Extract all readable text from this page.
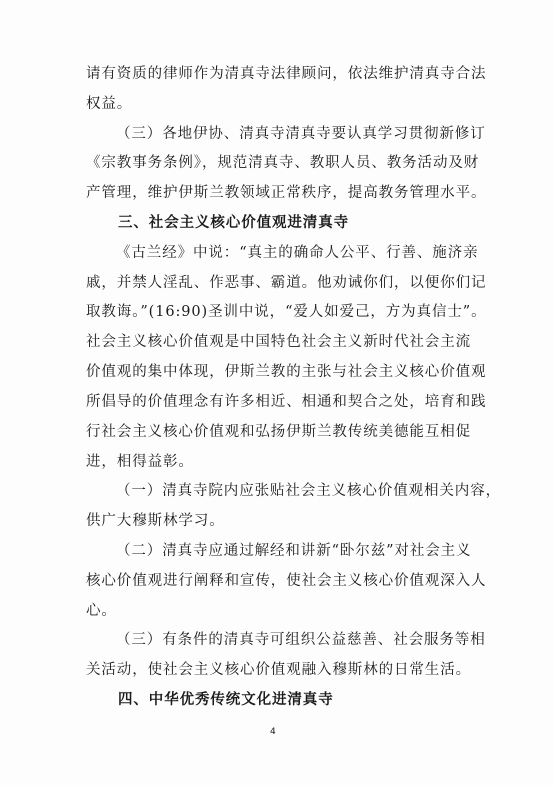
请有资质的律师作为清真寺法律顾问，依法维护清真寺合法
权益。
（三）各地伊协、清真寺清真寺要认真学习贯彻新修订
《宗教事务条例》，规范清真寺、教职人员、教务活动及财
产管理，维护伊斯兰教领域正常秩序，提高教务管理水平。
三、社会主义核心价值观进清真寺
《古兰经》中说：“真主的确命人公平、行善、施济亲
戚，并禁人淫乱、作恶事、霸道。他劝诫你们，以便你们记
取教诲。”(16:90)圣训中说，“爱人如爱己，方为真信士”。
社会主义核心价值观是中国特色社会主义新时代社会主流
价值观的集中体现，伊斯兰教的主张与社会主义核心价值观
所倡导的价值理念有许多相近、相通和契合之处，培育和践
行社会主义核心价值观和弘扬伊斯兰教传统美德能互相促
进，相得益彰。
（一）清真寺院内应张贴社会主义核心价值观相关内容，
供广大穆斯林学习。
（二）清真寺应通过解经和讲新“卧尔兹”对社会主义
核心价值观进行阐释和宣传，使社会主义核心价值观深入人
心。
（三）有条件的清真寺可组织公益慈善、社会服务等相
关活动，使社会主义核心价值观融入穆斯林的日常生活。
四、中华优秀传统文化进清真寺
4
